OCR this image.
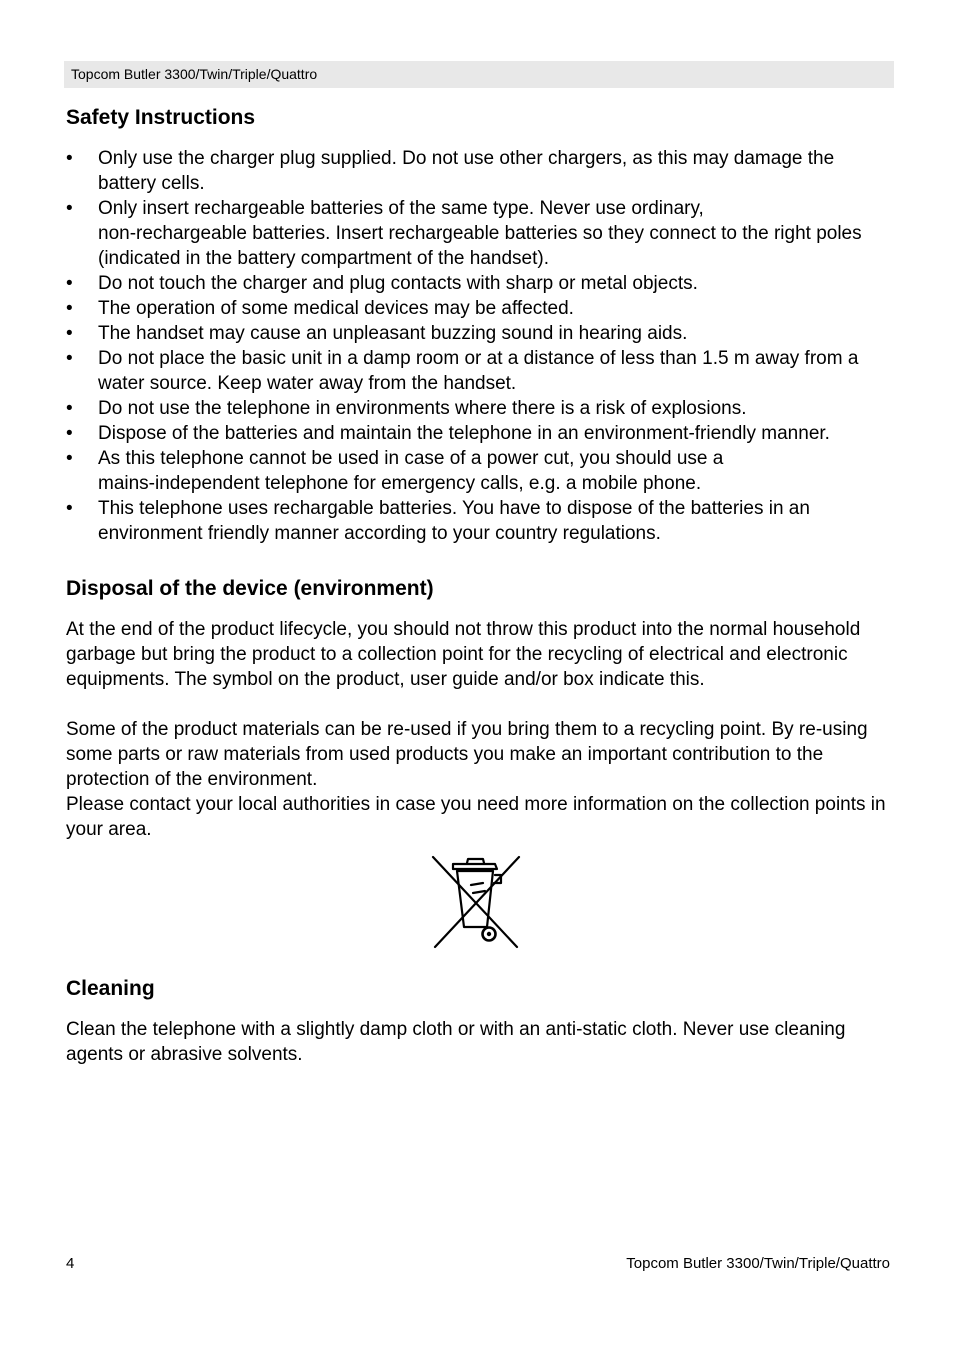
Topcom Butler 3300/Twin/Triple/Quattro
Safety Instructions
• Only use the charger plug supplied. Do not use other chargers, as this may damage the battery cells.
• Only insert rechargeable batteries of the same type. Never use ordinary,
non-rechargeable batteries. Insert rechargeable batteries so they connect to the right poles (indicated in the battery compartment of the handset).
• Do not touch the charger and plug contacts with sharp or metal objects.
• The operation of some medical devices may be affected.
• The handset may cause an unpleasant buzzing sound in hearing aids.
• Do not place the basic unit in a damp room or at a distance of less than 1.5 m away from a water source. Keep water away from the handset.
• Do not use the telephone in environments where there is a risk of explosions.
• Dispose of the batteries and maintain the telephone in an environment-friendly manner.
• As this telephone cannot be used in case of a power cut, you should use a
mains-independent telephone for emergency calls, e.g. a mobile phone.
• This telephone uses rechargable batteries. You have to dispose of the batteries in an environment friendly manner according to your country regulations.
Disposal of the device (environment)

At the end of the product lifecycle, you should not throw this product into the normal household garbage but bring the product to a collection point for the recycling of electrical and electronic equipments. The symbol on the product, user guide and/or box indicate this.

Some of the product materials can be re-used if you bring them to a recycling point. By re-using some parts or raw materials from used products you make an important contribution to the protection of the environment.

Please contact your local authorities in case you need more information on the collection points in your area.

Cleaning

Clean the telephone with a slightly damp cloth or with an anti-static cloth. Never use cleaning agents or abrasive solvents.

4	Topcom Butler 3300/Twin/Triple/Quattro
